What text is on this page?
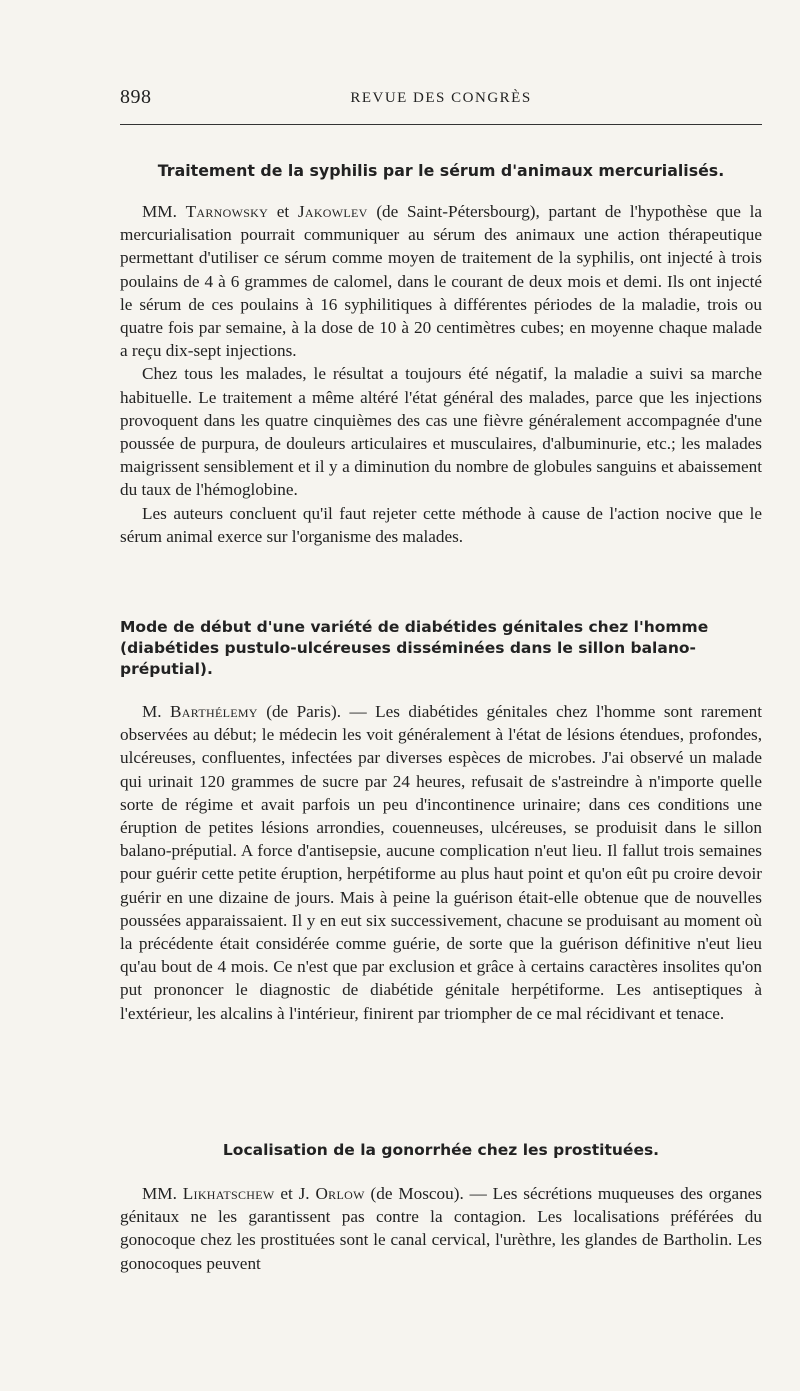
898	REVUE DES CONGRÈS
Traitement de la syphilis par le sérum d'animaux mercurialisés.

MM. Tarnowsky et Jakowlev (de Saint-Pétersbourg), partant de l'hypothèse que la mercurialisation pourrait communiquer au sérum des animaux une action thérapeutique permettant d'utiliser ce sérum comme moyen de traitement de la syphilis, ont injecté à trois poulains de 4 à 6 grammes de calomel, dans le courant de deux mois et demi. Ils ont injecté le sérum de ces poulains à 16 syphilitiques à différentes périodes de la maladie, trois ou quatre fois par semaine, à la dose de 10 à 20 centimètres cubes; en moyenne chaque malade a reçu dix-sept injections.

Chez tous les malades, le résultat a toujours été négatif, la maladie a suivi sa marche habituelle. Le traitement a même altéré l'état général des malades, parce que les injections provoquent dans les quatre cinquièmes des cas une fièvre généralement accompagnée d'une poussée de purpura, de douleurs articulaires et musculaires, d'albuminurie, etc.; les malades maigrissent sensiblement et il y a diminution du nombre de globules sanguins et abaissement du taux de l'hémoglobine.

Les auteurs concluent qu'il faut rejeter cette méthode à cause de l'action nocive que le sérum animal exerce sur l'organisme des malades.

Mode de début d'une variété de diabétides génitales chez l'homme (diabétides pustulo-ulcéreuses disséminées dans le sillon balano-préputial).

M. Barthélemy (de Paris). — Les diabétides génitales chez l'homme sont rarement observées au début; le médecin les voit généralement à l'état de lésions étendues, profondes, ulcéreuses, confluentes, infectées par diverses espèces de microbes. J'ai observé un malade qui urinait 120 grammes de sucre par 24 heures, refusait de s'astreindre à n'importe quelle sorte de régime et avait parfois un peu d'incontinence urinaire; dans ces conditions une éruption de petites lésions arrondies, couenneuses, ulcéreuses, se produisit dans le sillon balano-préputial. A force d'antisepsie, aucune complication n'eut lieu. Il fallut trois semaines pour guérir cette petite éruption, herpétiforme au plus haut point et qu'on eût pu croire devoir guérir en une dizaine de jours. Mais à peine la guérison était-elle obtenue que de nouvelles poussées apparaissaient. Il y en eut six successivement, chacune se produisant au moment où la précédente était considérée comme guérie, de sorte que la guérison définitive n'eut lieu qu'au bout de 4 mois. Ce n'est que par exclusion et grâce à certains caractères insolites qu'on put prononcer le diagnostic de diabétide génitale herpétiforme. Les antiseptiques à l'extérieur, les alcalins à l'intérieur, finirent par triompher de ce mal récidivant et tenace.

Localisation de la gonorrhée chez les prostituées.

MM. Likhatschew et J. Orlow (de Moscou). — Les sécrétions muqueuses des organes génitaux ne les garantissent pas contre la contagion. Les localisations préférées du gonocoque chez les prostituées sont le canal cervical, l'urèthre, les glandes de Bartholin. Les gonocoques peuvent
